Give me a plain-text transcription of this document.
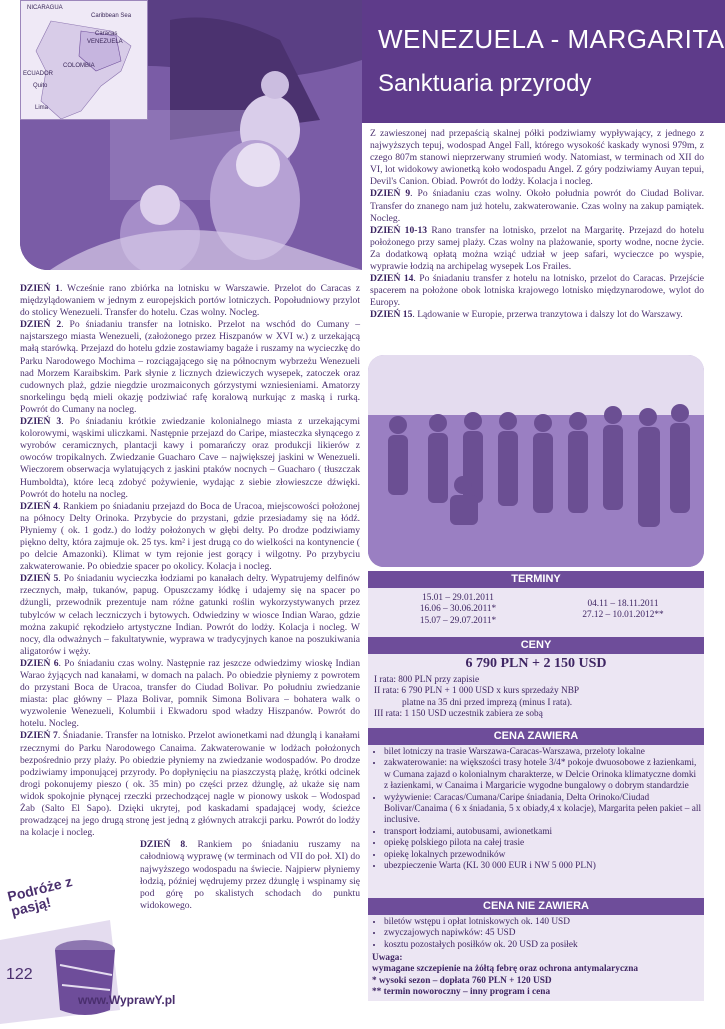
NICARAGUA
Caribbean Sea
VENEZUELA
COLOMBIA
ECUADOR
Caracas
Quito
Lima
WENEZUELA - MARGARITA
Sanktuaria przyrody

DZIEŃ 1. Wcześnie rano zbiórka na lotnisku w Warszawie. Przelot do Caracas z międzylądowaniem w jednym z europejskich portów lotniczych. Popołudniowy przylot do stolicy Wenezueli. Transfer do hotelu. Czas wolny. Nocleg.

DZIEŃ 2. Po śniadaniu transfer na lotnisko. Przelot na wschód do Cumany – najstarszego miasta Wenezueli, (założonego przez Hiszpanów w XVI w.) z urzekającą małą starówką. Przejazd do hotelu gdzie zostawiamy bagaże i ruszamy na wycieczkę do Parku Narodowego Mochima – rozciągającego się na północnym wybrzeżu Wenezueli nad Morzem Karaibskim. Park słynie z licznych dziewiczych wysepek, zatoczek oraz cudownych plaż, gdzie niegdzie urozmaiconych górzystymi wzniesieniami. Amatorzy snorkelingu będą mieli okazję podziwiać rafę koralową nurkując z maską i rurką. Powrót do Cumany na nocleg.

DZIEŃ 3. Po śniadaniu krótkie zwiedzanie kolonialnego miasta z urzekającymi kolorowymi, wąskimi uliczkami. Następnie przejazd do Caripe, miasteczka słynącego z wyrobów ceramicznych, plantacji kawy i pomarańczy oraz produkcji likierów z owoców tropikalnych. Zwiedzanie Guacharo Cave – największej jaskini w Wenezueli. Wieczorem obserwacja wylatujących z jaskini ptaków nocnych – Guacharo ( tłuszczak Humboldta), które lecą zdobyć pożywienie, wydając z siebie złowieszcze dźwięki. Powrót do hotelu na nocleg.

DZIEŃ 4. Rankiem po śniadaniu przejazd do Boca de Uracoa, miejscowości położonej na północy Delty Orinoka. Przybycie do przystani, gdzie przesiadamy się na łódź. Płyniemy ( ok. 1 godz.) do lodży położonych w głębi delty. Po drodze podziwiamy piękno delty, która zajmuje ok. 25 tys. km² i jest drugą co do wielkości na kontynencie ( po delcie Amazonki). Klimat w tym rejonie jest gorący i wilgotny. Po przybyciu zakwaterowanie. Po obiedzie spacer po okolicy. Kolacja i nocleg.

DZIEŃ 5. Po śniadaniu wycieczka łodziami po kanałach delty. Wypatrujemy delfinów rzecznych, małp, tukanów, papug. Opuszczamy łódkę i udajemy się na spacer po dżungli, przewodnik prezentuje nam różne gatunki roślin wykorzystywanych przez tubylców w celach leczniczych i bytowych. Odwiedziny w wiosce Indian Warao, gdzie można zakupić rękodzieło artystyczne Indian. Powrót do lodży. Kolacja i nocleg. W nocy, dla odważnych – fakultatywnie, wyprawa w tradycyjnych kanoe na poszukiwania aligatorów i węży.

DZIEŃ 6. Po śniadaniu czas wolny. Następnie raz jeszcze odwiedzimy wioskę Indian Warao żyjących nad kanałami, w domach na palach. Po obiedzie płyniemy z powrotem do przystani Boca de Uracoa, transfer do Ciudad Bolivar. Po południu zwiedzanie miasta: plac główny – Plaza Bolivar, pomnik Simona Bolivara – bohatera walk o wyzwolenie Wenezueli, Kolumbii i Ekwadoru spod władzy Hiszpanów. Powrót do hotelu. Nocleg.

DZIEŃ 7. Śniadanie. Transfer na lotnisko. Przelot awionetkami nad dżunglą i kanałami rzecznymi do Parku Narodowego Canaima. Zakwaterowanie w lodżach położonych bezpośrednio przy plaży. Po obiedzie płyniemy na zwiedzanie wodospadów. Po drodze podziwiamy imponującej przyrody. Po dopłynięciu na piaszczystą plażę, krótki odcinek drogi pokonujemy pieszo ( ok. 35 min) po części przez dżunglę, aż ukaże się nam widok spokojnie płynącej rzeczki przechodzącej nagle w pionowy uskok – Wodospad Żab (Salto El Sapo). Dzięki ukrytej, pod kaskadami spadającej wody, ścieżce prowadzącej na jego drugą stronę jest jedną z głównych atrakcji parku. Powrót do lodży na kolacje i nocleg.

DZIEŃ 8. Rankiem po śniadaniu ruszamy na całodniową wyprawę (w terminach od VII do poł. XI) do najwyższego wodospadu na świecie. Najpierw płyniemy łodzią, później wędrujemy przez dżunglę i wspinamy się pod górę po skalistych schodach do punktu widokowego.

Z zawieszonej nad przepaścią skalnej półki podziwiamy wypływający, z jednego z najwyższych tepuj, wodospad Angel Fall, którego wysokość kaskady wynosi 979m, z czego 807m stanowi nieprzerwany strumień wody. Natomiast, w terminach od XII do VI, lot widokowy awionetką koło wodospadu Angel. Z góry podziwiamy Auyan tepui, Devil's Canion. Obiad. Powrót do lodży. Kolacja i nocleg.

DZIEŃ 9. Po śniadaniu czas wolny. Około południa powrót do Ciudad Bolivar. Transfer do znanego nam już hotelu, zakwaterowanie. Czas wolny na zakup pamiątek. Nocleg.

DZIEŃ 10-13 Rano transfer na lotnisko, przelot na Margaritę. Przejazd do hotelu położonego przy samej plaży. Czas wolny na plażowanie, sporty wodne, nocne życie. Za dodatkową opłatą można wziąć udział w jeep safari, wycieczce po wyspie, wyprawie łodzią na archipelag wysepek Los Frailes.

DZIEŃ 14. Po śniadaniu transfer z hotelu na lotnisko, przelot do Caracas. Przejście spacerem na położone obok lotniska krajowego lotnisko międzynarodowe, wylot do Europy.

DZIEŃ 15. Lądowanie w Europie, przerwa tranzytowa i dalszy lot do Warszawy.

TERMINY
15.01 – 29.01.2011
16.06 – 30.06.2011*
15.07 – 29.07.2011*
04.11 – 18.11.2011
27.12 – 10.01.2012**
CENY
6 790 PLN + 2 150 USD
I rata: 800 PLN przy zapisie
II rata: 6 790 PLN + 1 000 USD x kurs sprzedaży NBP
platne na 35 dni przed imprezą (minus I rata).
III rata: 1 150 USD uczestnik zabiera ze sobą
CENA ZAWIERA
• bilet lotniczy na trasie Warszawa-Caracas-Warszawa, przeloty lokalne
• zakwaterowanie: na większości trasy hotele 3/4* pokoje dwuosobowe z łazienkami, w Cumana zajazd o kolonialnym charakterze, w Delcie Orinoka klimatyczne domki z łazienkami, w Canaima i Margaricie wygodne bungalowy o dobrym standardzie
• wyżywienie: Caracas/Cumana/Caripe śniadania, Delta Orinoko/Ciudad Bolivar/Canaima ( 6 x śniadania, 5 x obiady,4 x kolacje), Margarita pełen pakiet – all inclusive.
• transport łodziami, autobusami, awionetkami
• opiekę polskiego pilota na całej trasie
• opiekę lokalnych przewodników
• ubezpieczenie Warta (KL 30 000 EUR i NW 5 000 PLN)
CENA NIE ZAWIERA
• biletów wstępu i opłat lotniskowych ok. 140 USD
• zwyczajowych napiwków: 45 USD
• kosztu pozostałych posiłków ok. 20 USD za posiłek
Uwaga:
wymagane szczepienie na żółtą febrę oraz ochrona antymalaryczna
* wysoki sezon – dopłata 760 PLN + 120 USD
** termin noworoczny – inny program i cena
Podróże z pasją!
122
www.WyprawY.pl
